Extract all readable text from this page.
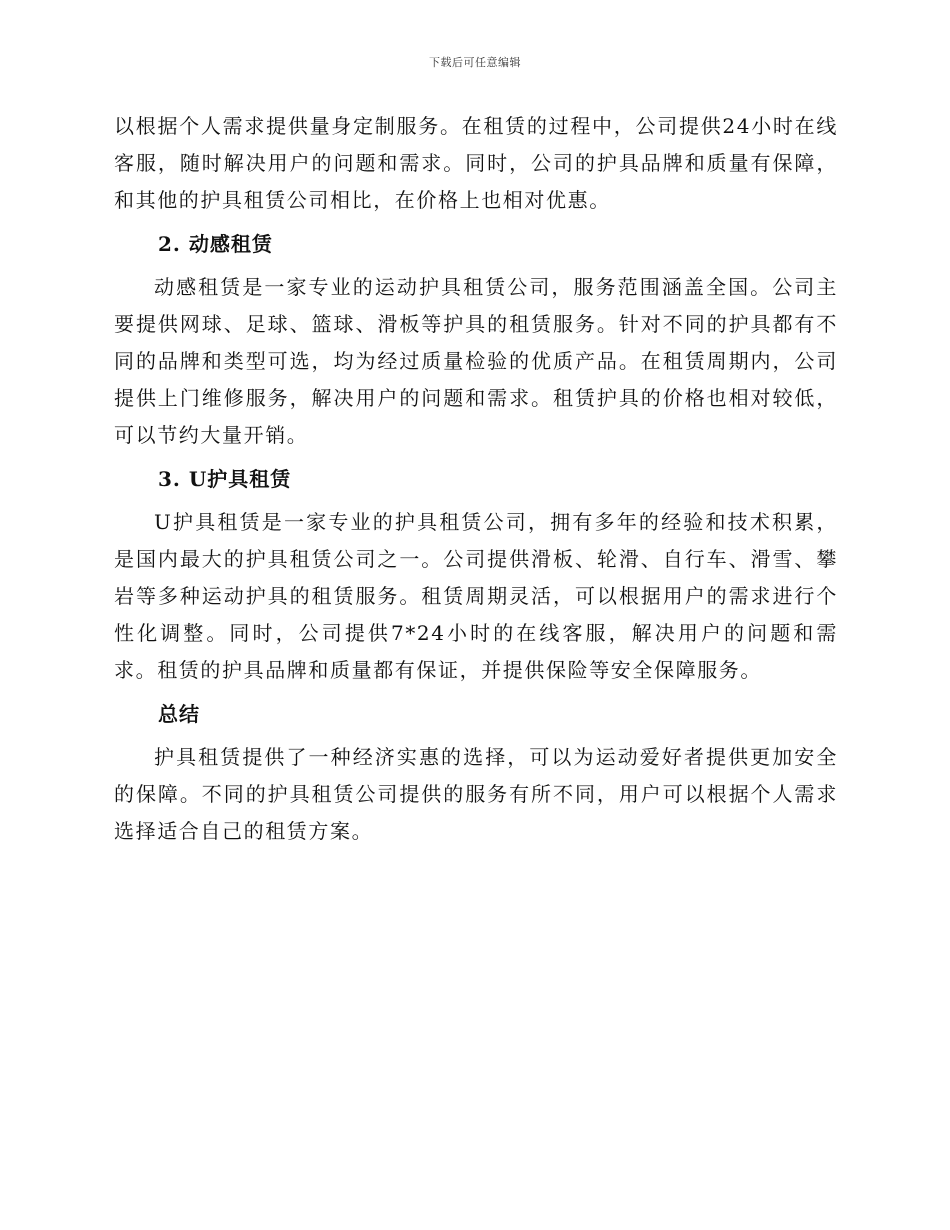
下载后可任意编辑

以根据个人需求提供量身定制服务。在租赁的过程中，公司提供24小时在线客服，随时解决用户的问题和需求。同时，公司的护具品牌和质量有保障，和其他的护具租赁公司相比，在价格上也相对优惠。

2. 动感租赁

动感租赁是一家专业的运动护具租赁公司，服务范围涵盖全国。公司主要提供网球、足球、篮球、滑板等护具的租赁服务。针对不同的护具都有不同的品牌和类型可选，均为经过质量检验的优质产品。在租赁周期内，公司提供上门维修服务，解决用户的问题和需求。租赁护具的价格也相对较低，可以节约大量开销。

3. U护具租赁

U护具租赁是一家专业的护具租赁公司，拥有多年的经验和技术积累，是国内最大的护具租赁公司之一。公司提供滑板、轮滑、自行车、滑雪、攀岩等多种运动护具的租赁服务。租赁周期灵活，可以根据用户的需求进行个性化调整。同时，公司提供7*24小时的在线客服，解决用户的问题和需求。租赁的护具品牌和质量都有保证，并提供保险等安全保障服务。

总结

护具租赁提供了一种经济实惠的选择，可以为运动爱好者提供更加安全的保障。不同的护具租赁公司提供的服务有所不同，用户可以根据个人需求选择适合自己的租赁方案。
